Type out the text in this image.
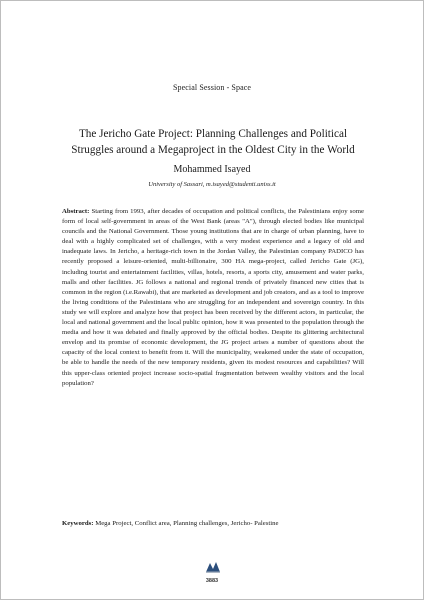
Special Session - Space
The Jericho Gate Project: Planning Challenges and Political
Struggles around a Megaproject in the Oldest City in the World
Mohammed Isayed
University of Sassari, m.isayed@studenti.uniss.it

Abstract: Starting from 1993, after decades of occupation and political conflicts, the Palestinians enjoy some form of local self-government in areas of the West Bank (areas "A"), through elected bodies like municipal councils and the National Government. Those young institutions that are in charge of urban planning, have to deal with a highly complicated set of challenges, with a very modest experience and a legacy of old and inadequate laws. In Jericho, a heritage-rich town in the Jordan Valley, the Palestinian company PADICO has recently proposed a leisure-oriented, multi-billionaire, 300 HA mega-project, called Jericho Gate (JG), including tourist and entertainment facilities, villas, hotels, resorts, a sports city, amusement and water parks, malls and other facilities. JG follows a national and regional trends of privately financed new cities that is common in the region (i.e.Rawabi), that are marketed as development and job creators, and as a tool to improve the living conditions of the Palestinians who are struggling for an independent and sovereign country. In this study we will explore and analyze how that project has been received by the different actors, in particular, the local and national government and the local public opinion, how it was presented to the population through the media and how it was debated and finally approved by the official bodies. Despite its glittering architectural envelop and its promise of economic development, the JG project arises a number of questions about the capacity of the local context to benefit from it. Will the municipality, weakened under the state of occupation, be able to handle the needs of the new temporary residents, given its modest resources and capabilities? Will this upper-class oriented project increase socio-spatial fragmentation between wealthy visitors and the local population?

Keywords: Mega Project, Conflict area, Planning challenges, Jericho- Palestine

3883
